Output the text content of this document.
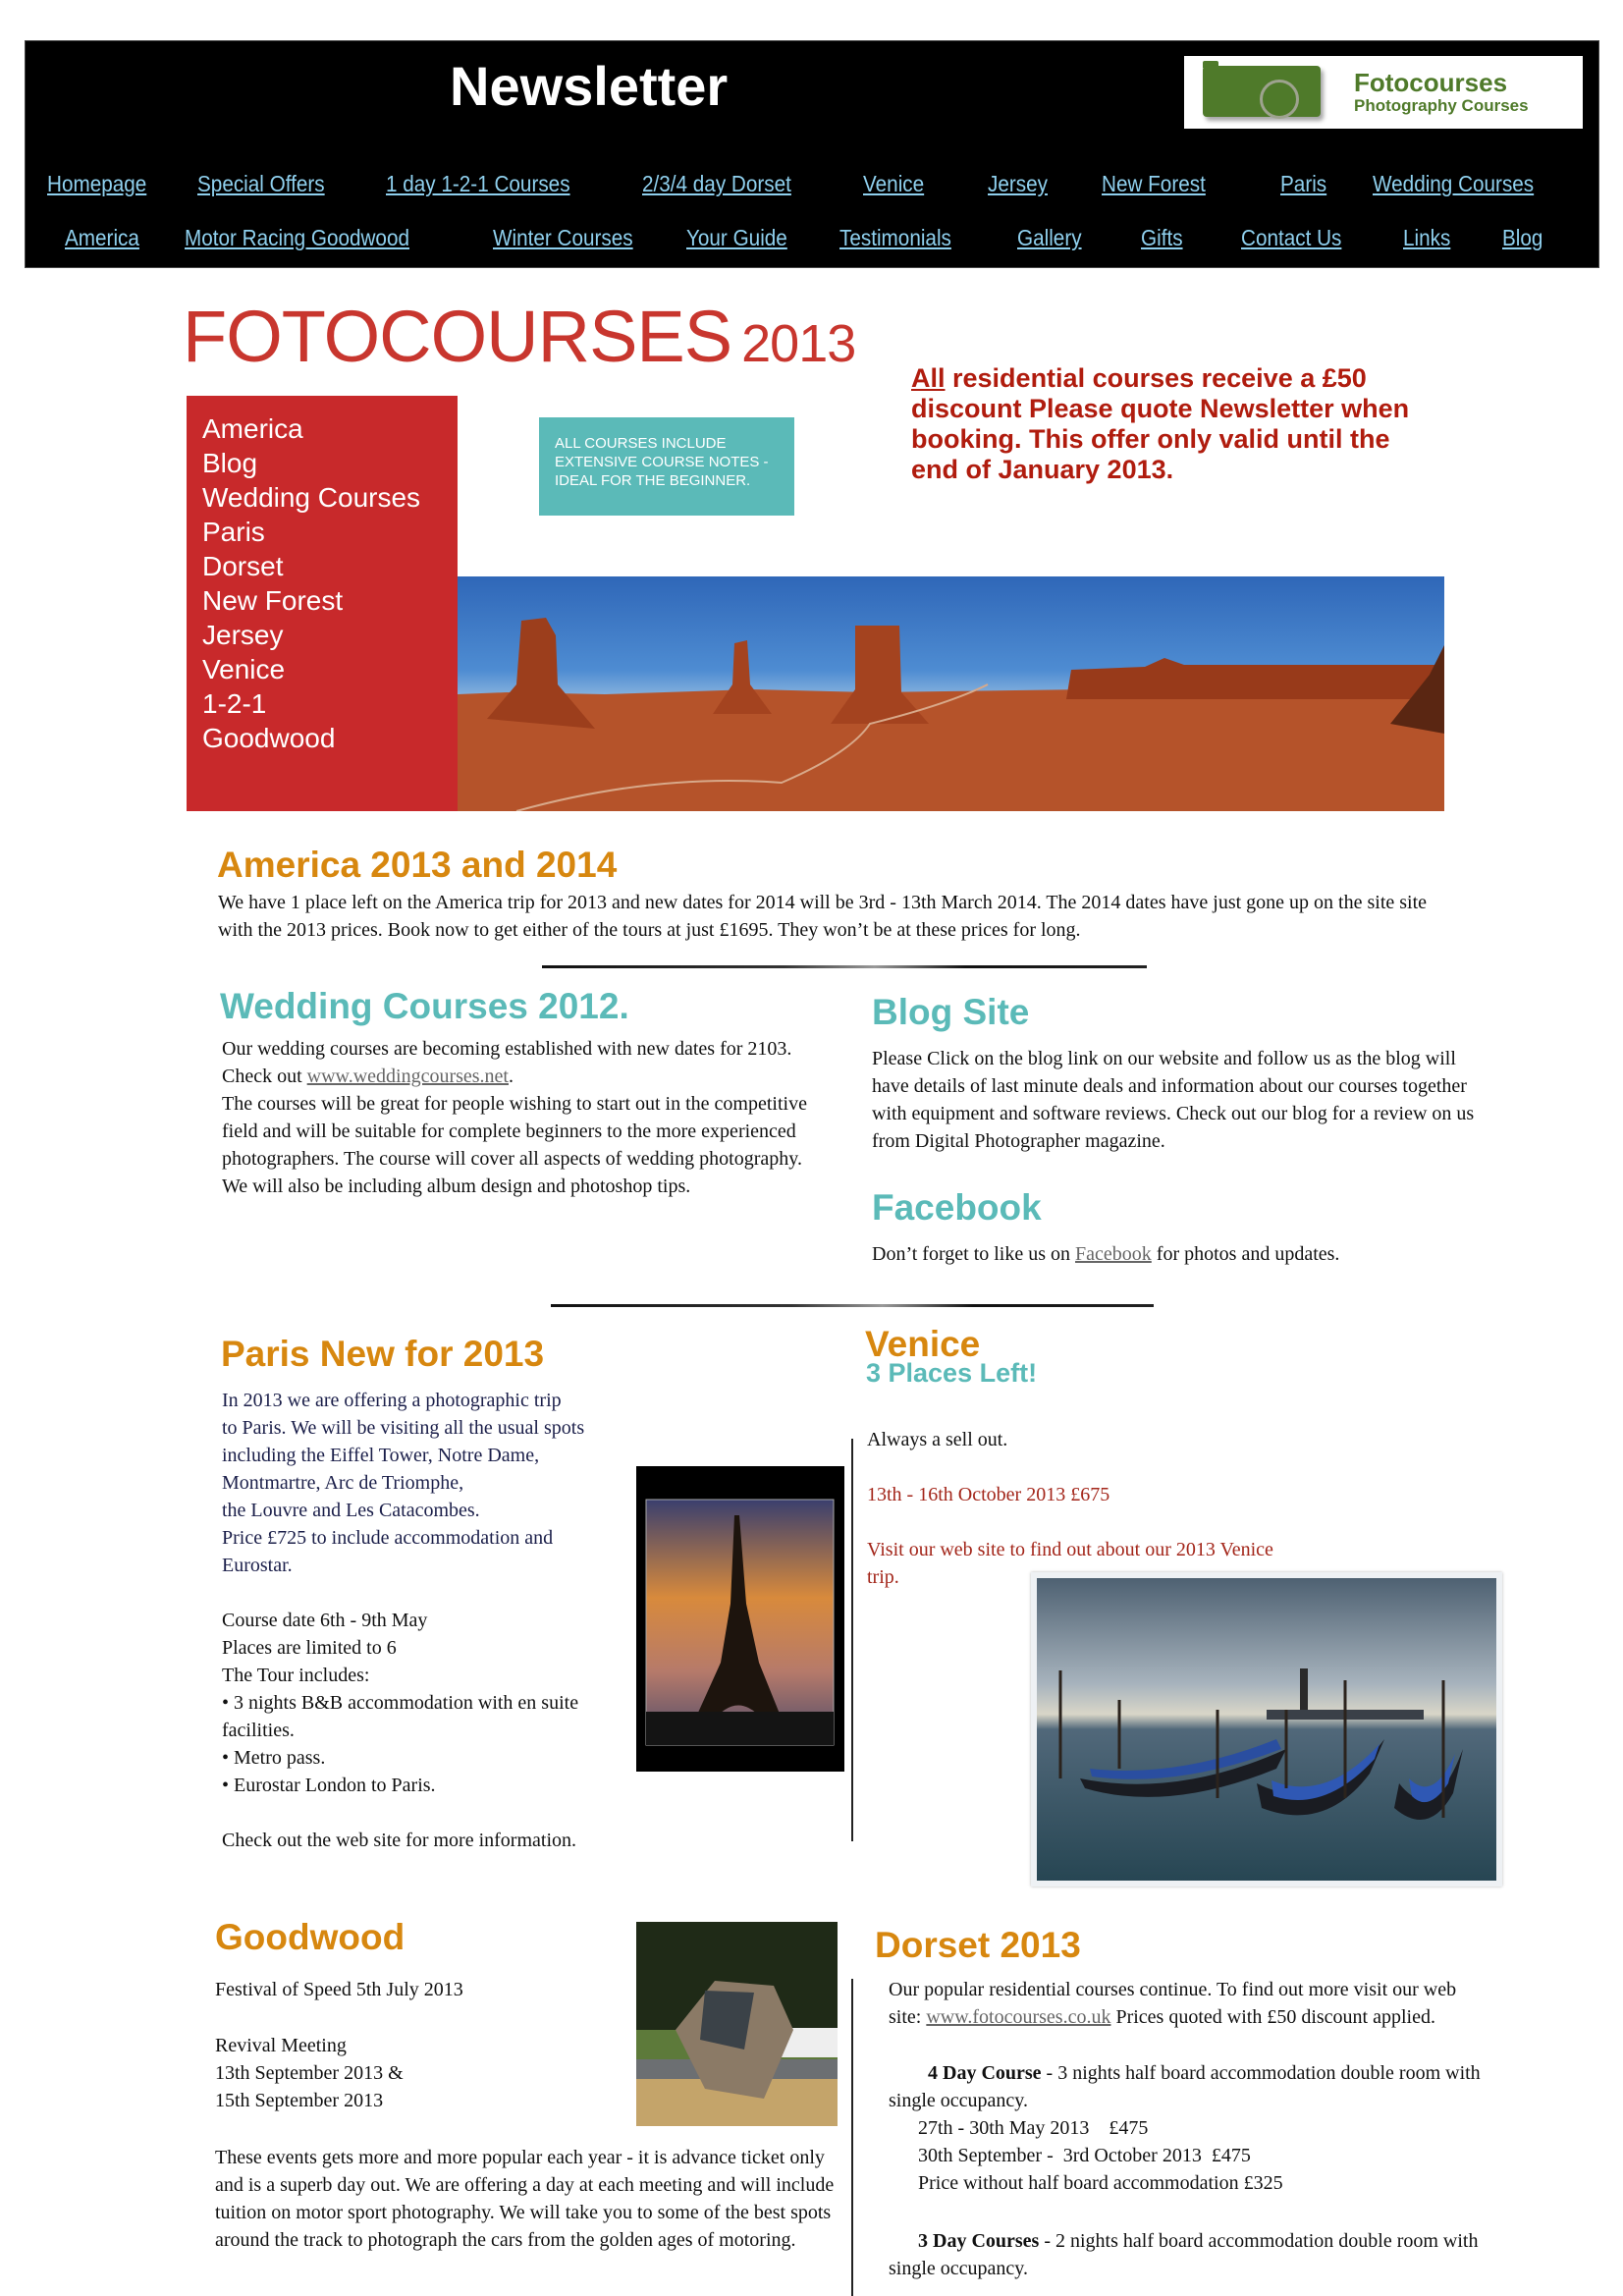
Newsletter	Fotocourses
Photography Courses
Homepage Special Offers	1 day 1-2-1 Courses	2/3/4 day Dorset	Venice	Jersey New Forest	Paris Wedding Courses
America Motor Racing Goodwood	Winter Courses Your Guide Testimonials	Gallery	Gifts	Contact Us	Links Blog
FOTOCOURSES 2013
America
Blog
Wedding Courses
Paris
Dorset
New Forest
Jersey
Venice
1-2-1
Goodwood
ALL COURSES INCLUDE
EXTENSIVE COURSE NOTES -
IDEAL FOR THE BEGINNER.
All residential courses receive a £50 discount Please quote Newsletter when booking. This offer only valid until the end of January 2013.
America 2013 and 2014
We have 1 place left on the America trip for 2013 and new dates for 2014 will be 3rd - 13th March 2014. The 2014 dates have just gone up on the site site with the 2013 prices. Book now to get either of the tours at just £1695. They won’t be at these prices for long.
Wedding Courses 2012.
Our wedding courses are becoming established with new dates for 2103.
Check out www.weddingcourses.net.
The courses will be great for people wishing to start out in the competitive field and will be suitable for complete beginners to the more experienced photographers. The course will cover all aspects of wedding photography. We will also be including album design and photoshop tips.
Blog Site
Please Click on the blog link on our website and follow us as the blog will have details of last minute deals and information about our courses together with equipment and software reviews. Check out our blog for a review on us from Digital Photographer magazine.
Facebook
Don’t forget to like us on Facebook for photos and updates.
Paris New for 2013
In 2013 we are offering a photographic trip
to Paris. We will be visiting all the usual spots
including the Eiffel Tower, Notre Dame,
Montmartre, Arc de Triomphe,
the Louvre and Les Catacombes.
Price £725 to include accommodation and
Eurostar.
Course date 6th - 9th May
Places are limited to 6
The Tour includes:
• 3 nights B&B accommodation with en suite facilities.
• Metro pass.
• Eurostar London to Paris.
Check out the web site for more information.
Venice
3 Places Left!
Always a sell out.
13th - 16th October 2013 £675
Visit our web site to find out about our 2013 Venice trip.
Goodwood
Festival of Speed 5th July 2013
Revival Meeting
13th September 2013 &
15th September 2013
These events gets more and more popular each year - it is advance ticket only and is a superb day out. We are offering a day at each meeting and will include tuition on motor sport photography. We will take you to some of the best spots around the track to photograph the cars from the golden ages of motoring.
Dorset 2013
Our popular residential courses continue. To find out more visit our web site: www.fotocourses.co.uk Prices quoted with £50 discount applied.
4 Day Course - 3 nights half board accommodation double room with single occupancy.
27th - 30th May 2013    £475
30th September -  3rd October 2013  £475
Price without half board accommodation £325
3 Day Courses - 2 nights half board accommodation double room with single occupancy.
